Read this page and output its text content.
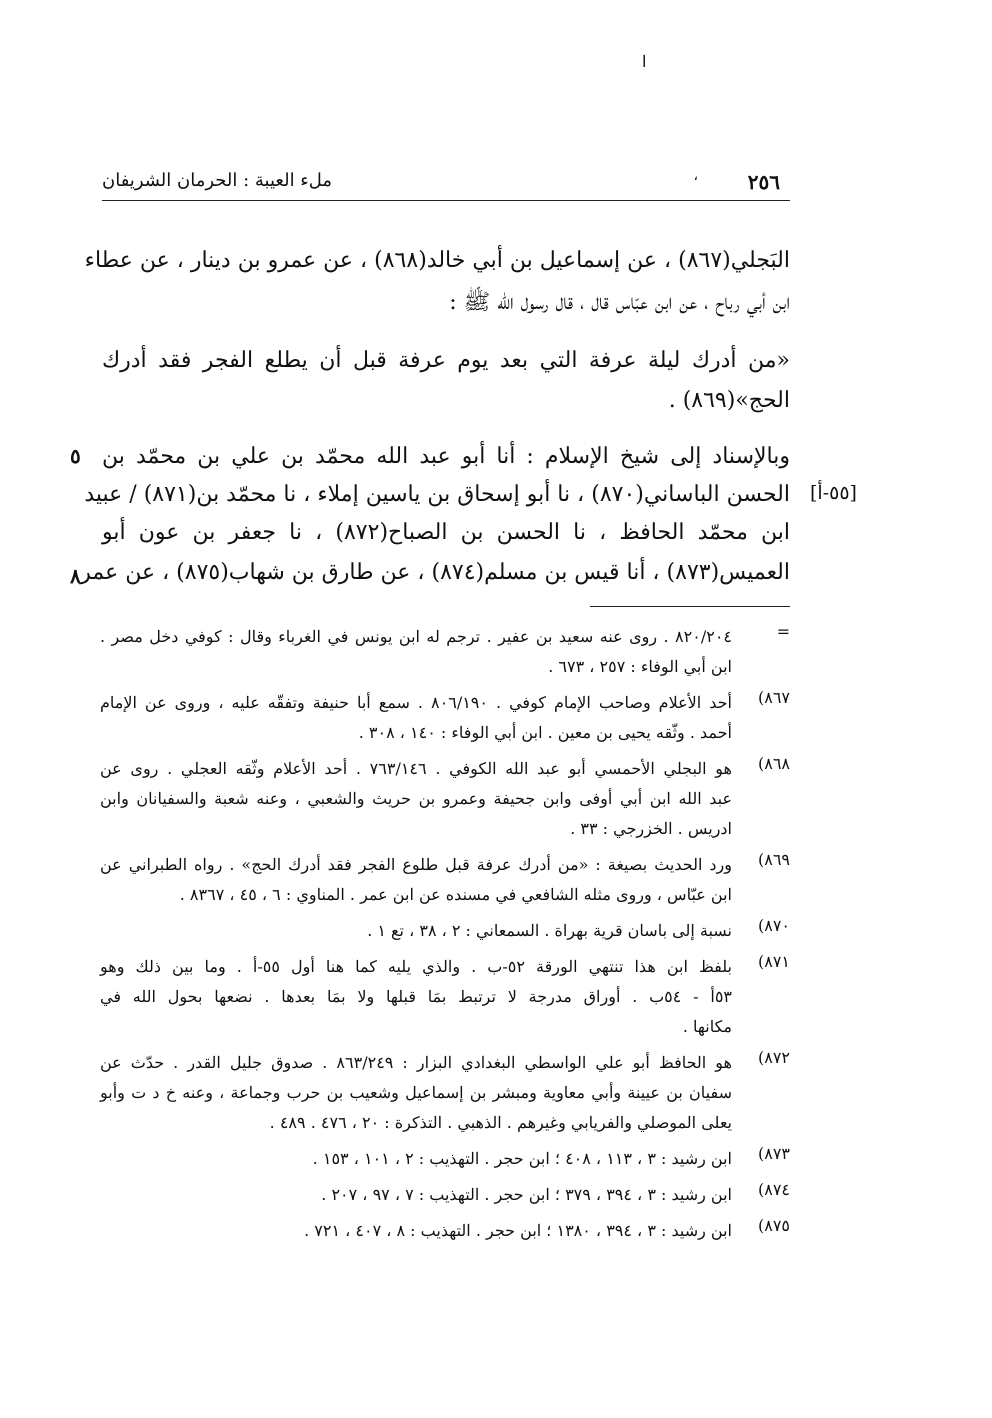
ا
٢٥٦
،
ملء العيبة : الحرمان الشريفان
البَجلي(٨٦٧) ، عن إسماعيل بن أبي خالد(٨٦٨) ، عن عمرو بن دينار ، عن عطاء
ابن أبي رباح ، عن ابن عبّاس قال ، قال رسول الله ﷺ :
«من أدرك ليلة عرفة التي بعد يوم عرفة قبل أن يطلع الفجر فقد أدرك
الحج»(٨٦٩) .
وبالإسناد إلى شيخ الإسلام : أنا أبو عبد الله محمّد بن علي بن محمّد بن
الحسن الباساني(٨٧٠) ، نا أبو إسحاق بن ياسين إملاء ، نا محمّد بن(٨٧١) / عبيد
ابن محمّد الحافظ ، نا الحسن بن الصباح(٨٧٢) ، نا جعفر بن عون أبو
العميس(٨٧٣) ، أنا قيس بن مسلم(٨٧٤) ، عن طارق بن شهاب(٨٧٥) ، عن عمر
٥
٨
[٥٥-أ]
=
٨٢٠/٢٠٤ . روى عنه سعيد بن عفير . ترجم له ابن يونس في الغرباء وقال : كوفي دخل مصر .
ابن أبي الوفاء : ٢٥٧ ، ٦٧٣ .
٨٦٧)
أحد الأعلام وصاحب الإمام كوفي . ٨٠٦/١٩٠ . سمع أبا حنيفة وتفقّه عليه ، وروى عن الإمام
أحمد . وثّقه يحيى بن معين . ابن أبي الوفاء : ١٤٠ ، ٣٠٨ .
٨٦٨)
هو البجلي الأحمسي أبو عبد الله الكوفي . ٧٦٣/١٤٦ . أحد الأعلام وثّقه العجلي . روى عن
عبد الله ابن أبي أوفى وابن جحيفة وعمرو بن حريث والشعبي ، وعنه شعبة والسفيانان وابن
ادريس . الخزرجي : ٣٣ .
٨٦٩)
ورد الحديث بصيغة : «من أدرك عرفة قبل طلوع الفجر فقد أدرك الحج» . رواه الطبراني عن
ابن عبّاس ، وروى مثله الشافعي في مسنده عن ابن عمر . المناوي : ٦ ، ٤٥ ، ٨٣٦٧ .
٨٧٠)
نسبة إلى باسان قرية بهراة . السمعاني : ٢ ، ٣٨ ، تع ١ .
٨٧١)
بلفظ ابن هذا تنتهي الورقة ٥٢-ب . والذي يليه كما هنا أول ٥٥-أ . وما بين ذلك وهو
٥٣أ - ٥٤ب . أوراق مدرجة لا ترتبط بمَا قبلها ولا بمَا بعدها . نضعها بحول الله في
مكانها .
٨٧٢)
هو الحافظ أبو علي الواسطي البغدادي البزار : ٨٦٣/٢٤٩ . صدوق جليل القدر . حدّث عن
سفيان بن عيينة وأبي معاوية ومبشر بن إسماعيل وشعيب بن حرب وجماعة ، وعنه خ د ت وأبو
يعلى الموصلي والفريابي وغيرهم . الذهبي . التذكرة : ٢٠ ، ٤٧٦ . ٤٨٩ .
٨٧٣)
ابن رشيد : ٣ ، ١١٣ ، ٤٠٨ ؛ ابن حجر . التهذيب : ٢ ، ١٠١ ، ١٥٣ .
٨٧٤)
ابن رشيد : ٣ ، ٣٩٤ ، ٣٧٩ ؛ ابن حجر . التهذيب : ٧ ، ٩٧ ، ٢٠٧ .
٨٧٥)
ابن رشيد : ٣ ، ٣٩٤ ، ١٣٨٠ ؛ ابن حجر . التهذيب : ٨ ، ٤٠٧ ، ٧٢١ .
